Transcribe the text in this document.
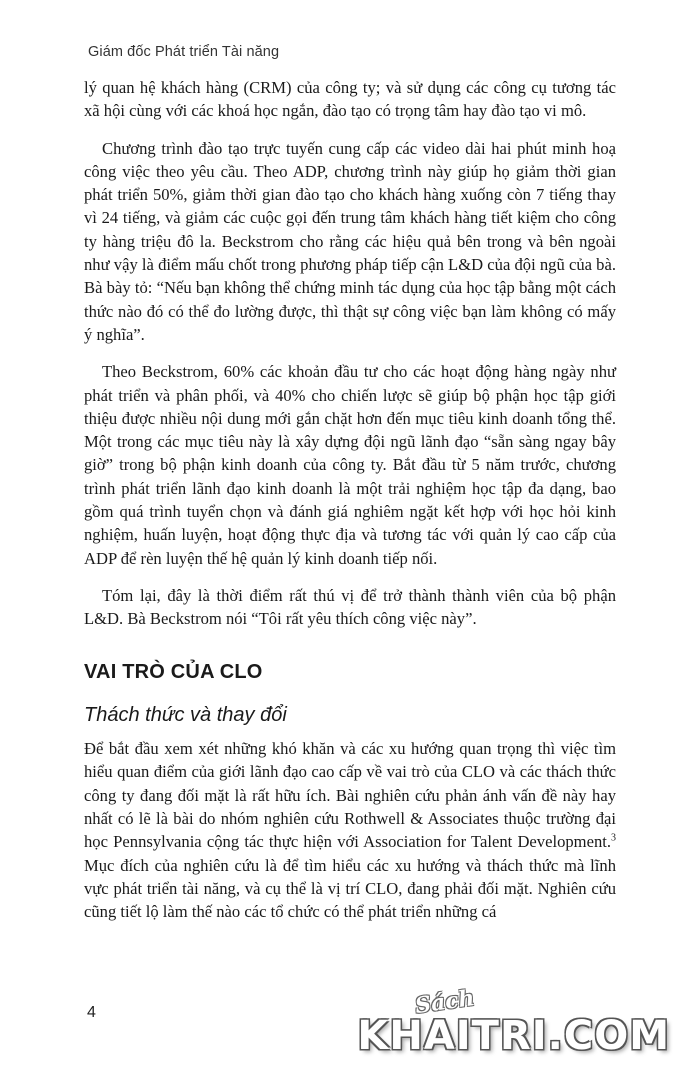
Giám đốc Phát triển Tài năng

lý quan hệ khách hàng (CRM) của công ty; và sử dụng các công cụ tương tác xã hội cùng với các khoá học ngắn, đào tạo có trọng tâm hay đào tạo vi mô.

Chương trình đào tạo trực tuyến cung cấp các video dài hai phút minh hoạ công việc theo yêu cầu. Theo ADP, chương trình này giúp họ giảm thời gian phát triển 50%, giảm thời gian đào tạo cho khách hàng xuống còn 7 tiếng thay vì 24 tiếng, và giảm các cuộc gọi đến trung tâm khách hàng tiết kiệm cho công ty hàng triệu đô la. Beckstrom cho rằng các hiệu quả bên trong và bên ngoài như vậy là điểm mấu chốt trong phương pháp tiếp cận L&D của đội ngũ của bà. Bà bày tỏ: “Nếu bạn không thể chứng minh tác dụng của học tập bằng một cách thức nào đó có thể đo lường được, thì thật sự công việc bạn làm không có mấy ý nghĩa”.

Theo Beckstrom, 60% các khoản đầu tư cho các hoạt động hàng ngày như phát triển và phân phối, và 40% cho chiến lược sẽ giúp bộ phận học tập giới thiệu được nhiều nội dung mới gắn chặt hơn đến mục tiêu kinh doanh tổng thể. Một trong các mục tiêu này là xây dựng đội ngũ lãnh đạo “sẵn sàng ngay bây giờ” trong bộ phận kinh doanh của công ty. Bắt đầu từ 5 năm trước, chương trình phát triển lãnh đạo kinh doanh là một trải nghiệm học tập đa dạng, bao gồm quá trình tuyển chọn và đánh giá nghiêm ngặt kết hợp với học hỏi kinh nghiệm, huấn luyện, hoạt động thực địa và tương tác với quản lý cao cấp của ADP để rèn luyện thế hệ quản lý kinh doanh tiếp nối.

Tóm lại, đây là thời điểm rất thú vị để trở thành thành viên của bộ phận L&D. Bà Beckstrom nói “Tôi rất yêu thích công việc này”.

VAI TRÒ CỦA CLO
Thách thức và thay đổi

Để bắt đầu xem xét những khó khăn và các xu hướng quan trọng thì việc tìm hiểu quan điểm của giới lãnh đạo cao cấp về vai trò của CLO và các thách thức công ty đang đối mặt là rất hữu ích. Bài nghiên cứu phản ánh vấn đề này hay nhất có lẽ là bài do nhóm nghiên cứu Rothwell & Associates thuộc trường đại học Pennsylvania cộng tác thực hiện với Association for Talent Development.$^3$ Mục đích của nghiên cứu là để tìm hiểu các xu hướng và thách thức mà lĩnh vực phát triển tài năng, và cụ thể là vị trí CLO, đang phải đối mặt. Nghiên cứu cũng tiết lộ làm thế nào các tổ chức có thể phát triển những cá

4	Sách
KHAITRI.COM
